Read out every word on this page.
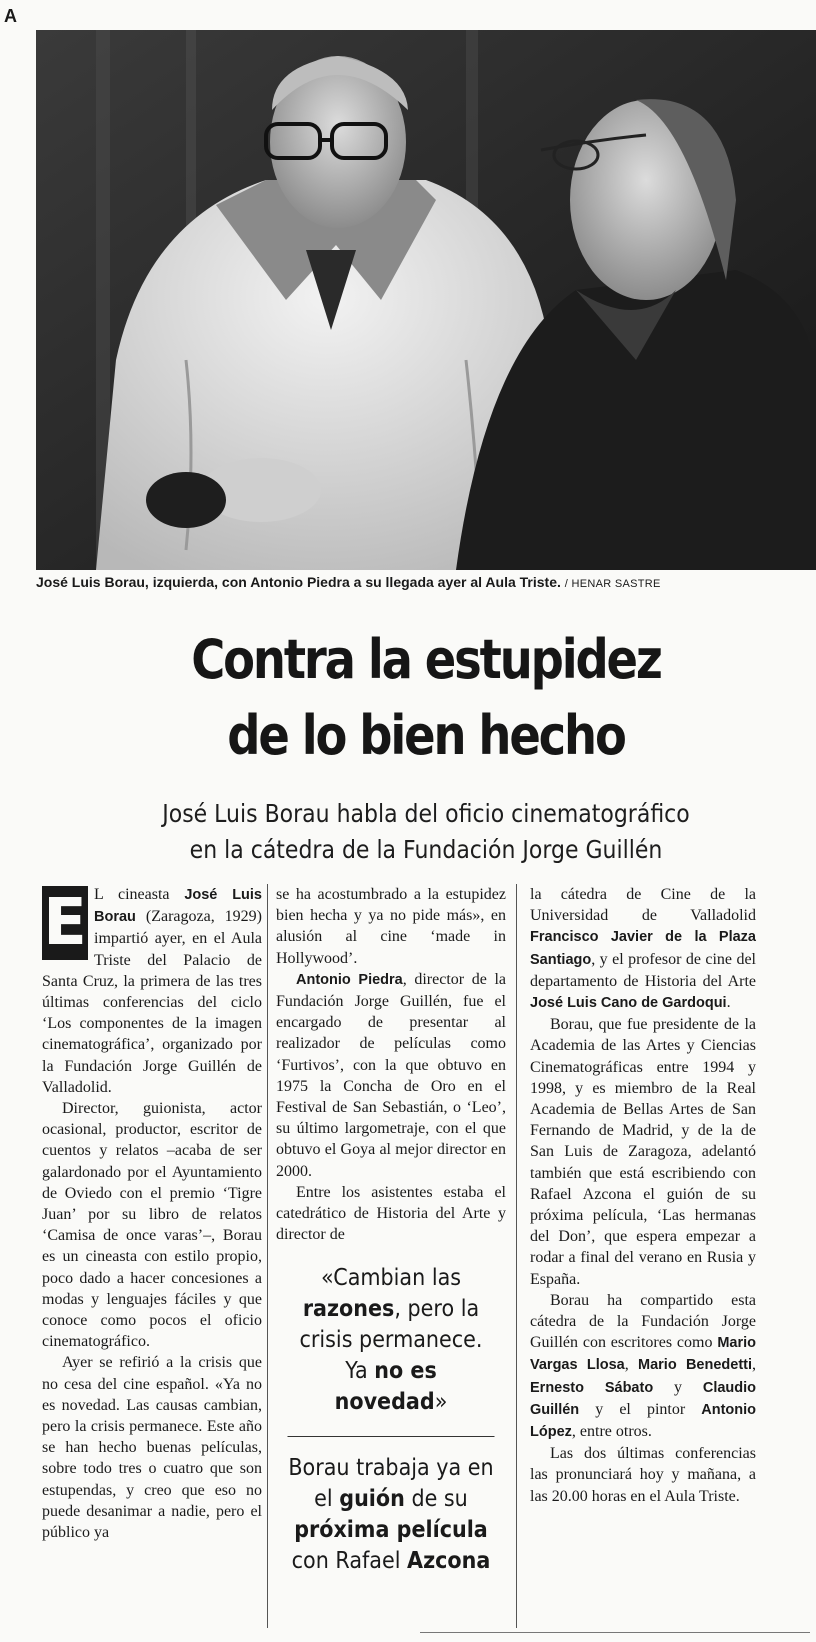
A
José Luis Borau, izquierda, con Antonio Piedra a su llegada ayer al Aula Triste. / HENAR SASTRE
Contra la estupidez
de lo bien hecho
José Luis Borau habla del oficio cinematográfico
en la cátedra de la Fundación Jorge Guillén

E L cineasta José Luis Borau (Zaragoza, 1929) impartió ayer, en el Aula Triste del Palacio de Santa Cruz, la primera de las tres últimas conferencias del ciclo ‘Los componentes de la imagen cinematográfica’, organizado por la Fundación Jorge Guillén de Valladolid.

Director, guionista, actor ocasional, productor, escritor de cuentos y relatos –acaba de ser galardonado por el Ayuntamiento de Oviedo con el premio ‘Tigre Juan’ por su libro de relatos ‘Camisa de once varas’–, Borau es un cineasta con estilo propio, poco dado a hacer concesiones a modas y lenguajes fáciles y que conoce como pocos el oficio cinematográfico.

Ayer se refirió a la crisis que no cesa del cine español. «Ya no es novedad. Las causas cambian, pero la crisis permanece. Este año se han hecho buenas películas, sobre todo tres o cuatro que son estupendas, y creo que eso no puede desanimar a nadie, pero el público ya

se ha acostumbrado a la estupidez bien hecha y ya no pide más», en alusión al cine ‘made in Hollywood’.

Antonio Piedra, director de la Fundación Jorge Guillén, fue el encargado de presentar al realizador de películas como ‘Furtivos’, con la que obtuvo en 1975 la Concha de Oro en el Festival de San Sebastián, o ‘Leo’, su último largometraje, con el que obtuvo el Goya al mejor director en 2000.

Entre los asistentes estaba el catedrático de Historia del Arte y director de

«Cambian las razones, pero la crisis permanece. Ya no es novedad»
Borau trabaja ya en el guión de su próxima película con Rafael Azcona

la cátedra de Cine de la Universidad de Valladolid Francisco Javier de la Plaza Santiago, y el profesor de cine del departamento de Historia del Arte José Luis Cano de Gardoqui.

Borau, que fue presidente de la Academia de las Artes y Ciencias Cinematográficas entre 1994 y 1998, y es miembro de la Real Academia de Bellas Artes de San Fernando de Madrid, y de la de San Luis de Zaragoza, adelantó también que está escribiendo con Rafael Azcona el guión de su próxima película, ‘Las hermanas del Don’, que espera empezar a rodar a final del verano en Rusia y España.

Borau ha compartido esta cátedra de la Fundación Jorge Guillén con escritores como Mario Vargas Llosa, Mario Benedetti, Ernesto Sábato y Claudio Guillén y el pintor Antonio López, entre otros.

Las dos últimas conferencias las pronunciará hoy y mañana, a las 20.00 horas en el Aula Triste.
